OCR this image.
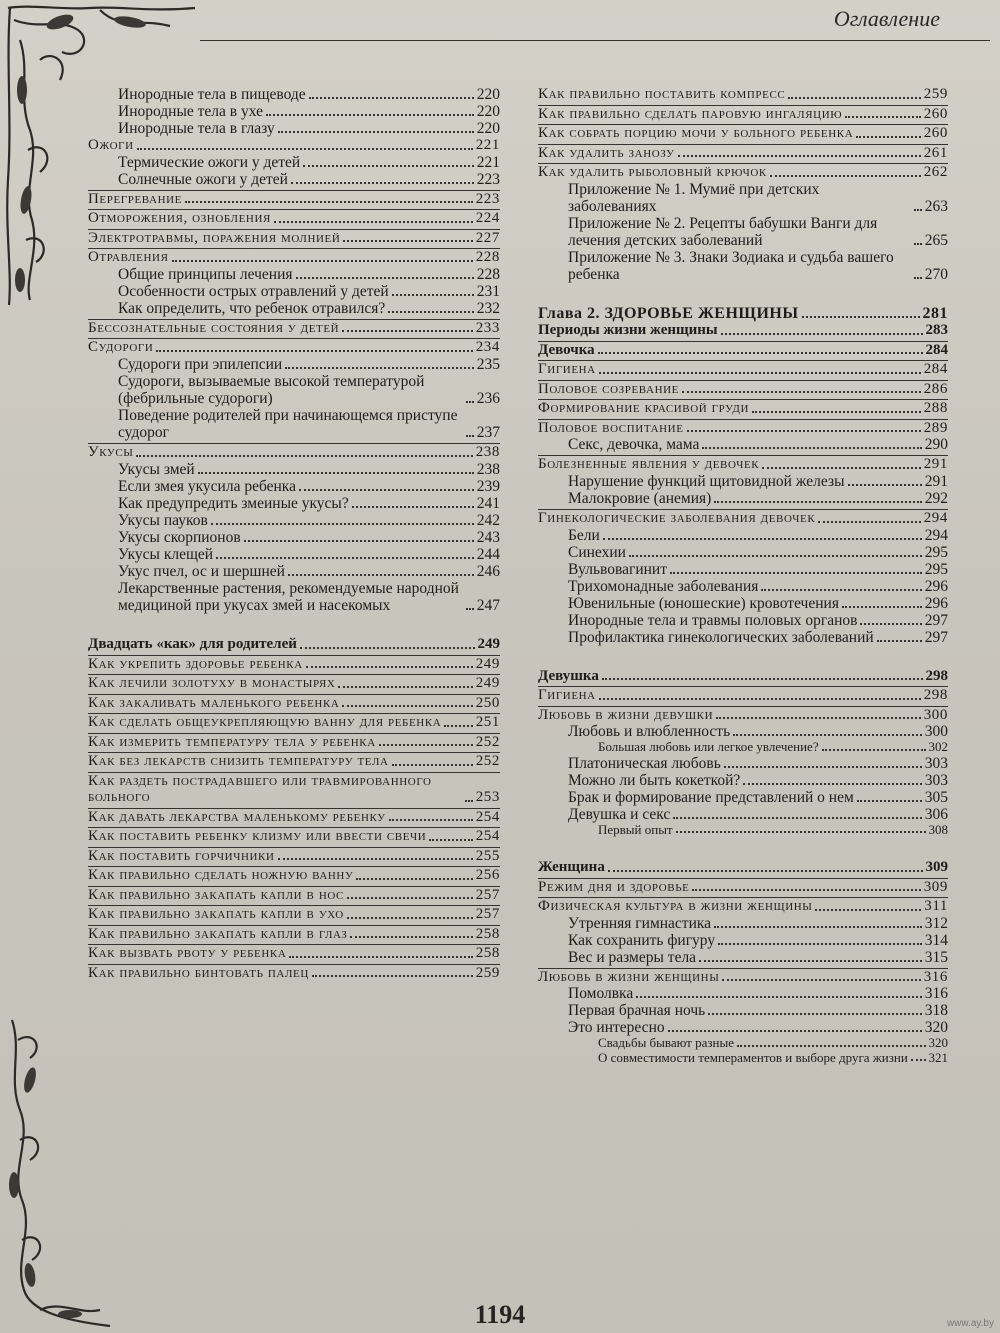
Оглавление
Инородные тела в пищеводе	220
Инородные тела в ухе	220
Инородные тела в глазу	220
Ожоги	221
Термические ожоги у детей	221
Солнечные ожоги у детей	223
Перегревание	223
Отморожения, ознобления	224
Электротравмы, поражения молнией	227
Отравления	228
Общие принципы лечения	228
Особенности острых отравлений у детей	231
Как определить, что ребенок отравился?	232
Бессознательные состояния у детей	233
Судороги	234
Судороги при эпилепсии	235
Судороги, вызываемые высокой температурой (фебрильные судороги)	236
Поведение родителей при начинающемся приступе судорог	237
Укусы	238
Укусы змей	238
Если змея укусила ребенка	239
Как предупредить змеиные укусы?	241
Укусы пауков	242
Укусы скорпионов	243
Укусы клещей	244
Укус пчел, ос и шершней	246
Лекарственные растения, рекомендуемые народной медициной при укусах змей и насекомых	247
Двадцать «как» для родителей	249
Как укрепить здоровье ребенка	249
Как лечили золотуху в монастырях	249
Как закаливать маленького ребенка	250
Как сделать общеукрепляющую ванну для ребенка 251
Как измерить температуру тела у ребенка	252
Как без лекарств снизить температуру тела	252
Как раздеть пострадавшего или травмированного больного	253
Как давать лекарства маленькому ребенку	254
Как поставить ребенку клизму или ввести свечи	254
Как поставить горчичники	255
Как правильно сделать ножную ванну	256
Как правильно закапать капли в нос	257
Как правильно закапать капли в ухо	257
Как правильно закапать капли в глаз	258
Как вызвать рвоту у ребенка	258
Как правильно бинтовать палец	259
Как правильно поставить компресс	259
Как правильно сделать паровую ингаляцию	260
Как собрать порцию мочи у больного ребенка	260
Как удалить занозу	261
Как удалить рыболовный крючок	262
Приложение № 1. Мумиё при детских заболеваниях	263
Приложение № 2. Рецепты бабушки Ванги для лечения детских заболеваний	265
Приложение № 3. Знаки Зодиака и судьба вашего ребенка	270
Глава 2. ЗДОРОВЬЕ ЖЕНЩИНЫ	281
Периоды жизни женщины	283
Девочка	284
Гигиена	284
Половое созревание	286
Формирование красивой груди	288
Половое воспитание	289
Секс, девочка, мама	290
Болезненные явления у девочек	291
Нарушение функций щитовидной железы	291
Малокровие (анемия)	292
Гинекологические заболевания девочек	294
Бели	294
Синехии	295
Вульвовагинит	295
Трихомонадные заболевания	296
Ювенильные (юношеские) кровотечения	296
Инородные тела и травмы половых органов	297
Профилактика гинекологических заболеваний	297
Девушка	298
Гигиена	298
Любовь в жизни девушки	300
Любовь и влюбленность	300
Большая любовь или легкое увлечение?	302
Платоническая любовь	303
Можно ли быть кокеткой?	303
Брак и формирование представлений о нем	305
Девушка и секс	306
Первый опыт	308
Женщина	309
Режим дня и здоровье	309
Физическая культура в жизни женщины	311
Утренняя гимнастика	312
Как сохранить фигуру	314
Вес и размеры тела	315
Любовь в жизни женщины	316
Помолвка	316
Первая брачная ночь	318
Это интересно	320
Свадьбы бывают разные	320
О совместимости темпераментов и выборе друга жизни 321
1194	www.ay.by
